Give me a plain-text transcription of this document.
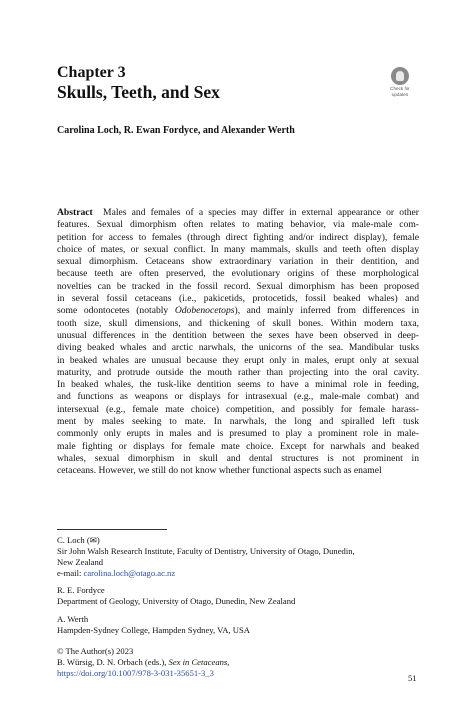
Chapter 3
Skulls, Teeth, and Sex	Check for
updates
Carolina Loch, R. Ewan Fordyce, and Alexander Werth
Abstract Males and females of a species may differ in external appearance or other
features. Sexual dimorphism often relates to mating behavior, via male-male com-
petition for access to females (through direct fighting and/or indirect display), female
choice of mates, or sexual conflict. In many mammals, skulls and teeth often display
sexual dimorphism. Cetaceans show extraordinary variation in their dentition, and
because teeth are often preserved, the evolutionary origins of these morphological
novelties can be tracked in the fossil record. Sexual dimorphism has been proposed
in several fossil cetaceans (i.e., pakicetids, protocetids, fossil beaked whales) and
some odontocetes (notably Odobenocetops), and mainly inferred from differences in
tooth size, skull dimensions, and thickening of skull bones. Within modern taxa,
unusual differences in the dentition between the sexes have been observed in deep-
diving beaked whales and arctic narwhals, the unicorns of the sea. Mandibular tusks
in beaked whales are unusual because they erupt only in males, erupt only at sexual
maturity, and protrude outside the mouth rather than projecting into the oral cavity.
In beaked whales, the tusk-like dentition seems to have a minimal role in feeding,
and functions as weapons or displays for intrasexual (e.g., male-male combat) and
intersexual (e.g., female mate choice) competition, and possibly for female harass-
ment by males seeking to mate. In narwhals, the long and spiralled left tusk
commonly only erupts in males and is presumed to play a prominent role in male-
male fighting or displays for female mate choice. Except for narwhals and beaked
whales, sexual dimorphism in skull and dental structures is not prominent in
cetaceans. However, we still do not know whether functional aspects such as enamel
C. Loch (✉)
Sir John Walsh Research Institute, Faculty of Dentistry, University of Otago, Dunedin,
New Zealand
e-mail: carolina.loch@otago.ac.nz
R. E. Fordyce
Department of Geology, University of Otago, Dunedin, New Zealand
A. Werth
Hampden-Sydney College, Hampden Sydney, VA, USA
© The Author(s) 2023
B. Würsig, D. N. Orbach (eds.), Sex in Cetaceans,
https://doi.org/10.1007/978-3-031-35651-3_3	51
